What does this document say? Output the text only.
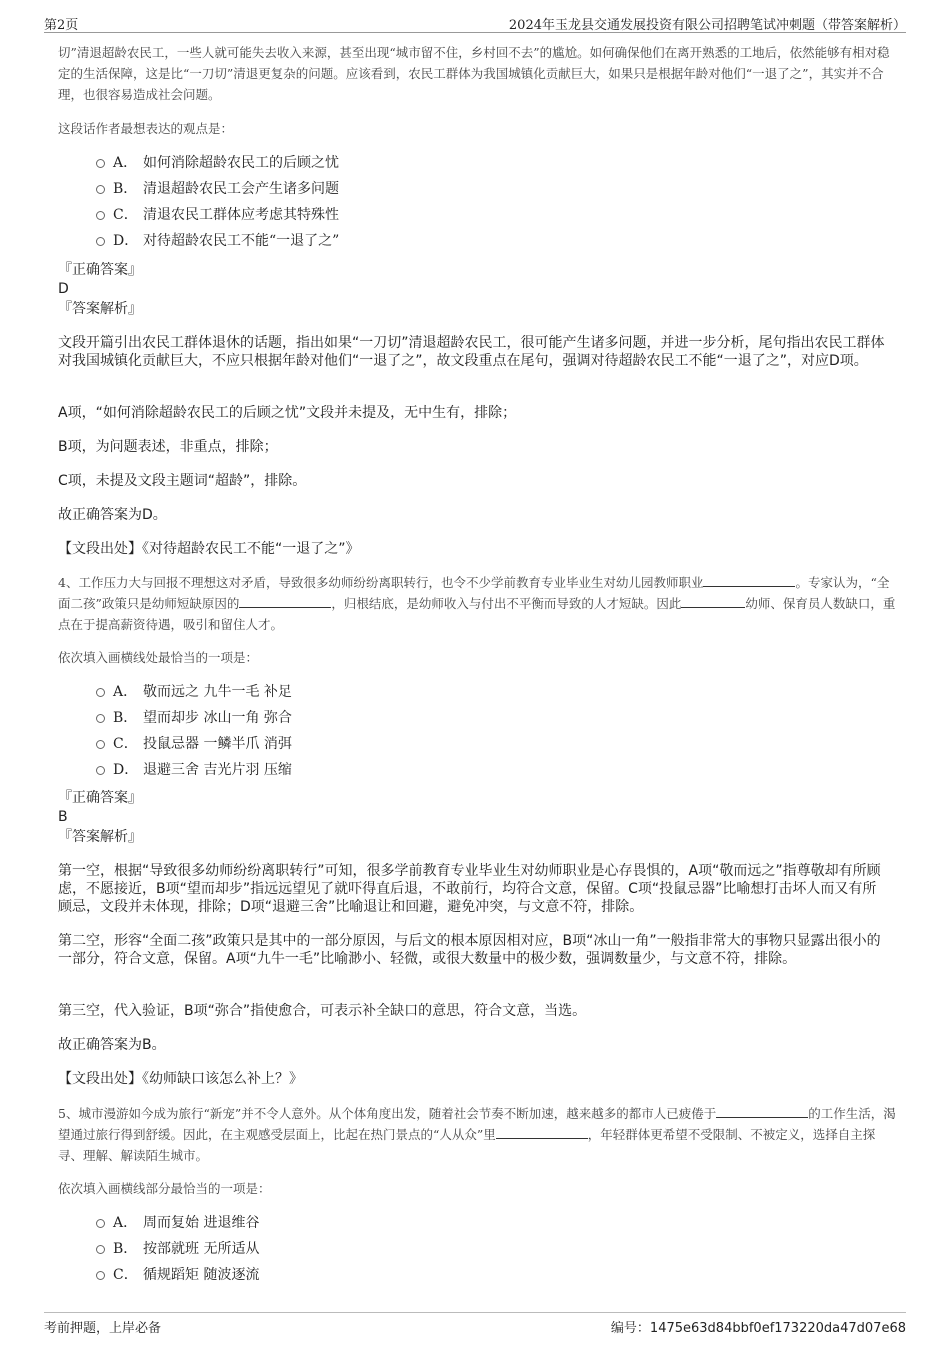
第2页	2024年玉龙县交通发展投资有限公司招聘笔试冲刺题（带答案解析）
切”清退超龄农民工，一些人就可能失去收入来源，甚至出现“城市留不住，乡村回不去”的尴尬。如何确保他们在离开熟悉的工地后，依然能够有相对稳定的生活保障，这是比“一刀切”清退更复杂的问题。应该看到，农民工群体为我国城镇化贡献巨大，如果只是根据年龄对他们“一退了之”，其实并不合理，也很容易造成社会问题。
这段话作者最想表达的观点是：
A． 如何消除超龄农民工的后顾之忧
B． 清退超龄农民工会产生诸多问题
C． 清退农民工群体应考虑其特殊性
D． 对待超龄农民工不能“一退了之”
『正确答案』
D
『答案解析』
文段开篇引出农民工群体退休的话题，指出如果“一刀切”清退超龄农民工，很可能产生诸多问题，并进一步分析，尾句指出农民工群体对我国城镇化贡献巨大，不应只根据年龄对他们“一退了之”，故文段重点在尾句，强调对待超龄农民工不能“一退了之”，对应D项。
A项，“如何消除超龄农民工的后顾之忧”文段并未提及，无中生有，排除；
B项，为问题表述，非重点，排除；
C项，未提及文段主题词“超龄”，排除。
故正确答案为D。
【文段出处】《对待超龄农民工不能“一退了之”》
4、工作压力大与回报不理想这对矛盾，导致很多幼师纷纷离职转行，也令不少学前教育专业毕业生对幼儿园教师职业	。专家认为，“全面二孩”政策只是幼师短缺原因的	，归根结底，是幼师收入与付出不平衡而导致的人才短缺。因此	幼师、保育员人数缺口，重点在于提高薪资待遇，吸引和留住人才。
依次填入画横线处最恰当的一项是：
A． 敬而远之 九牛一毛 补足
B． 望而却步 冰山一角 弥合
C． 投鼠忌器 一鳞半爪 消弭
D． 退避三舍 吉光片羽 压缩
『正确答案』
B
『答案解析』
第一空，根据“导致很多幼师纷纷离职转行”可知，很多学前教育专业毕业生对幼师职业是心存畏惧的，A项“敬而远之”指尊敬却有所顾虑，不愿接近，B项“望而却步”指远远望见了就吓得直后退，不敢前行，均符合文意，保留。C项“投鼠忌器”比喻想打击坏人而又有所顾忌，文段并未体现，排除；D项“退避三舍”比喻退让和回避，避免冲突，与文意不符，排除。
第二空，形容“全面二孩”政策只是其中的一部分原因，与后文的根本原因相对应，B项“冰山一角”一般指非常大的事物只显露出很小的一部分，符合文意，保留。A项“九牛一毛”比喻渺小、轻微，或很大数量中的极少数，强调数量少，与文意不符，排除。
第三空，代入验证，B项“弥合”指使愈合，可表示补全缺口的意思，符合文意，当选。
故正确答案为B。
【文段出处】《幼师缺口该怎么补上？》
5、城市漫游如今成为旅行“新宠”并不令人意外。从个体角度出发，随着社会节奏不断加速，越来越多的都市人已疲倦于	的工作生活，渴望通过旅行得到舒缓。因此，在主观感受层面上，比起在热门景点的“人从众”里	，年轻群体更希望不受限制、不被定义，选择自主探寻、理解、解读陌生城市。
依次填入画横线部分最恰当的一项是：
A． 周而复始 进退维谷
B． 按部就班 无所适从
C． 循规蹈矩 随波逐流
考前押题，上岸必备	编号：1475e63d84bbf0ef173220da47d07e68
